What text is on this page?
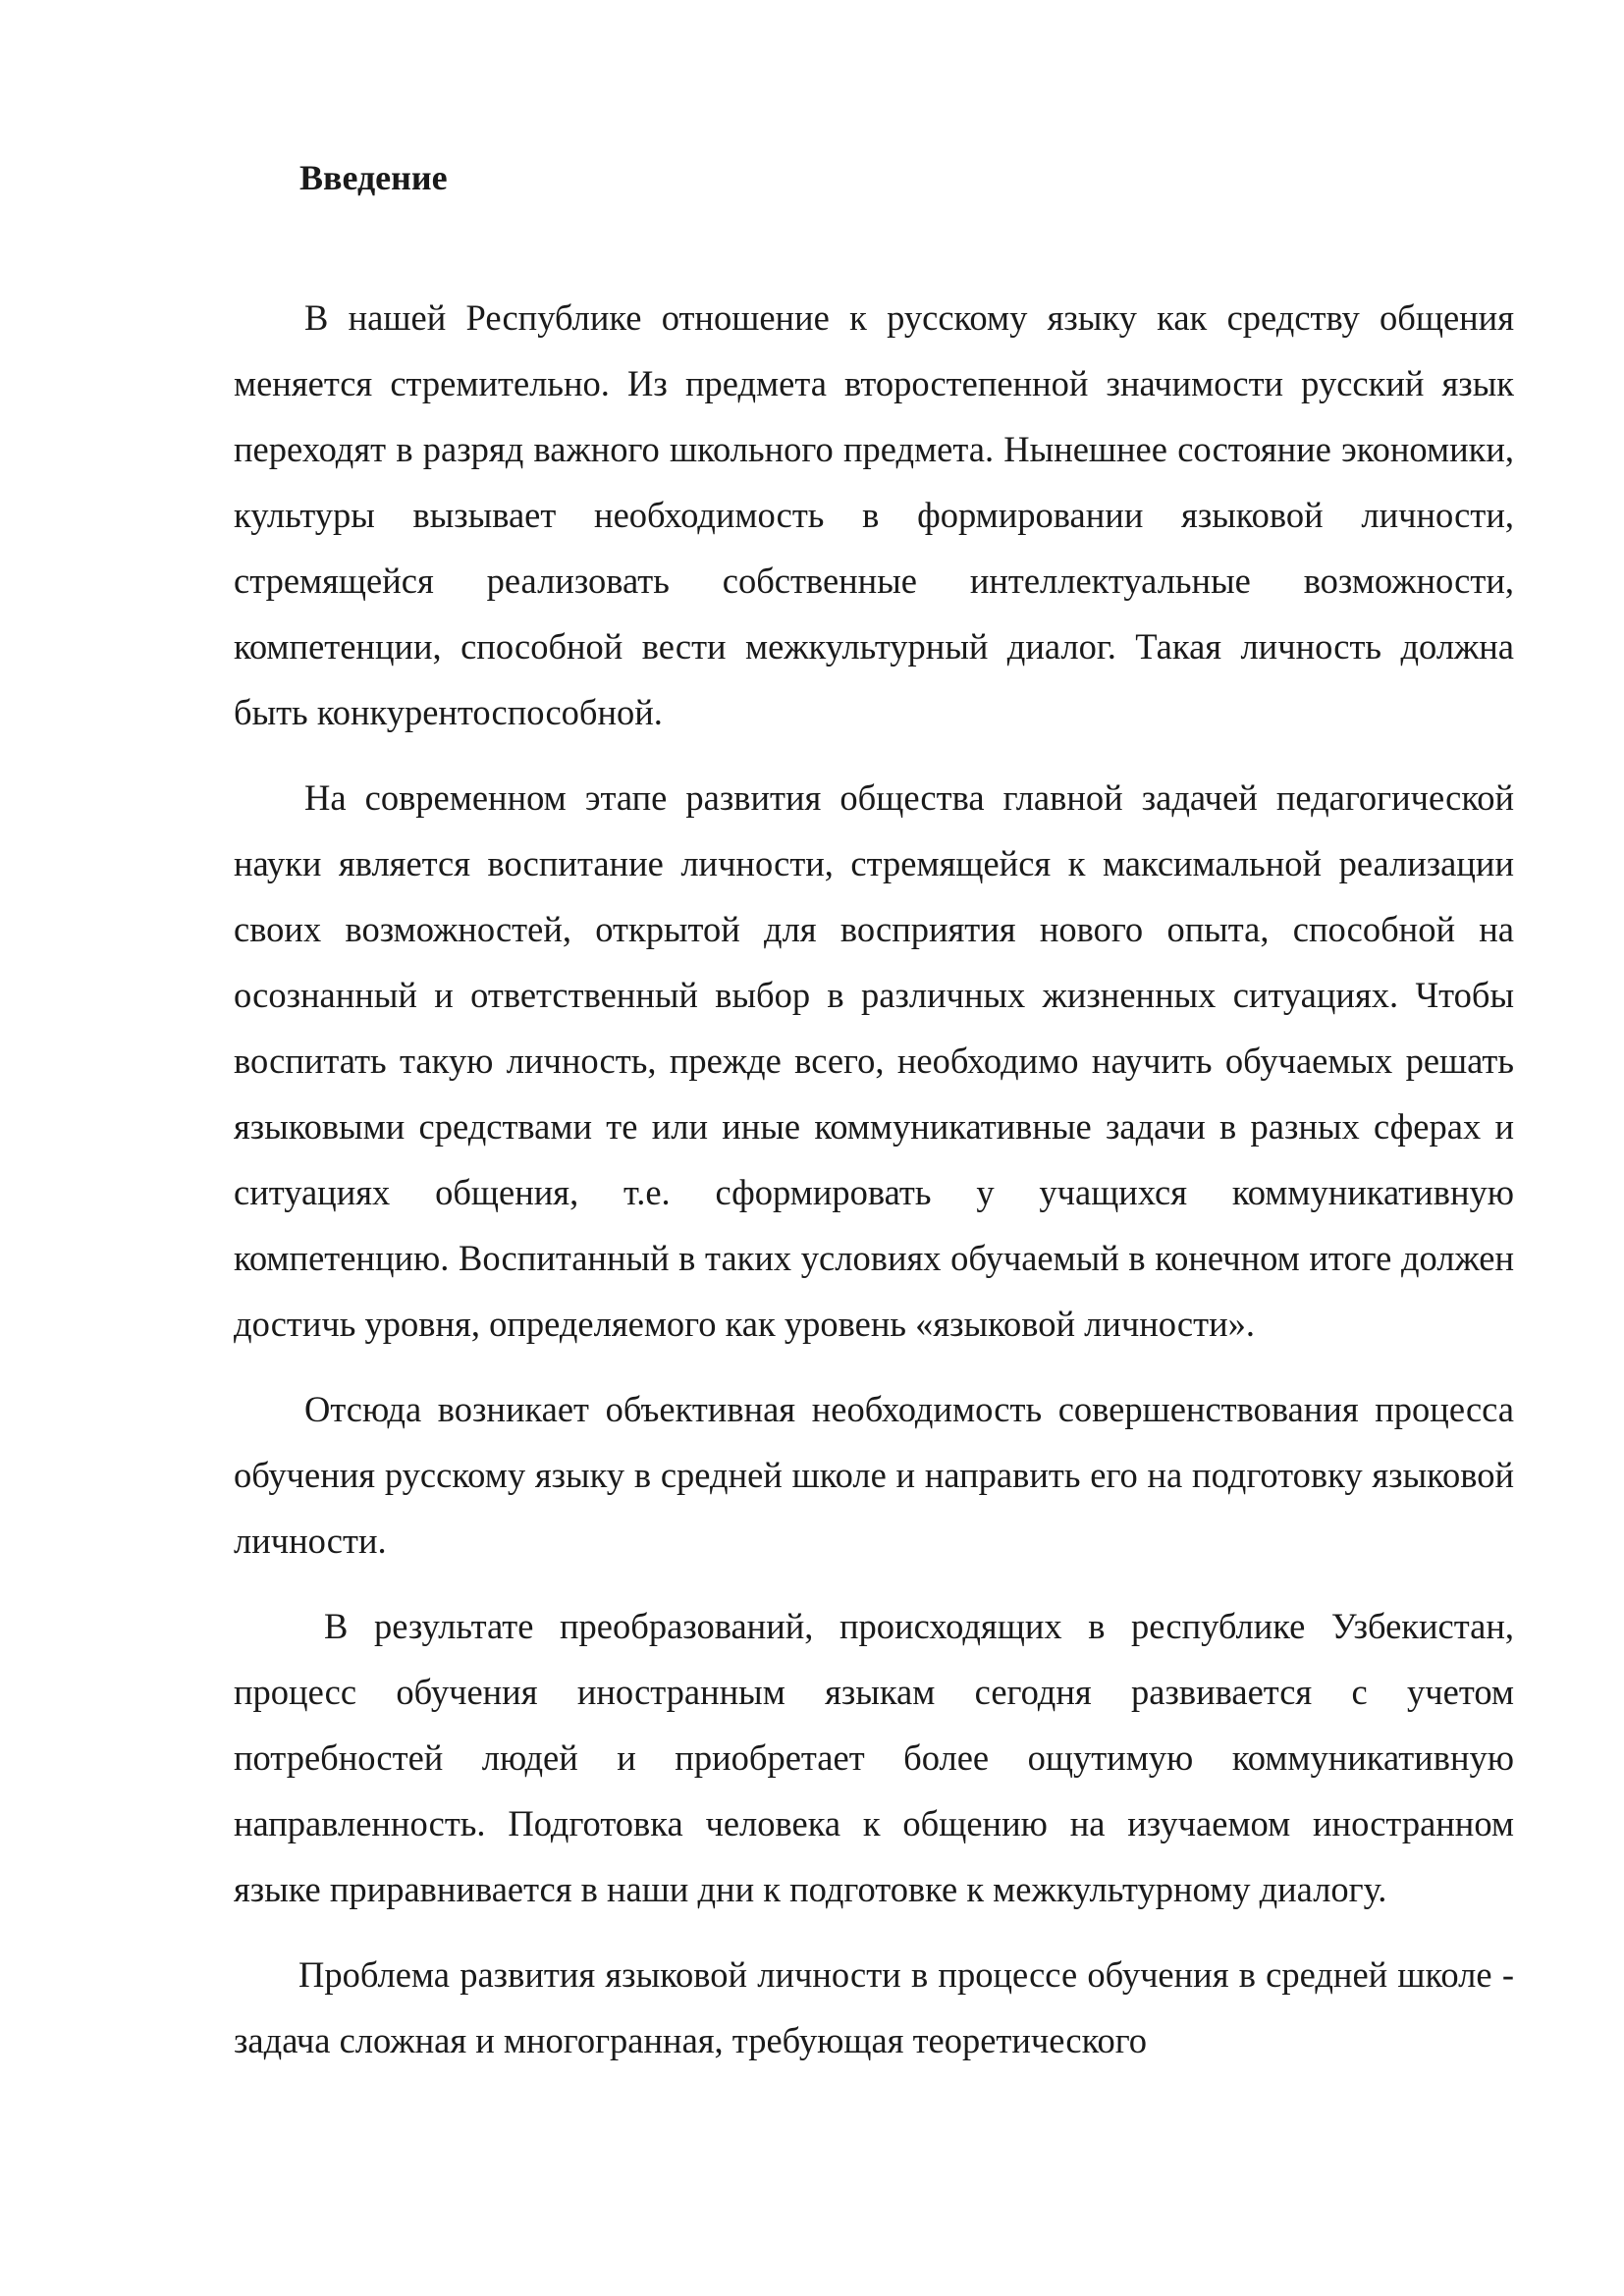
Введение

В нашей Республике отношение к русскому языку как средству общения меняется стремительно. Из предмета второстепенной значимости русский язык переходят в разряд важного школьного предмета. Нынешнее состояние экономики, культуры вызывает необходимость в формировании языковой личности, стремящейся реализовать собственные интеллектуальные возможности, компетенции, способной вести межкультурный диалог. Такая личность должна быть конкурентоспособной.

На современном этапе развития общества главной задачей педагогической науки является воспитание личности, стремящейся к максимальной реализации своих возможностей, открытой для восприятия нового опыта, способной на осознанный и ответственный выбор в различных жизненных ситуациях. Чтобы воспитать такую личность, прежде всего, необходимо научить обучаемых решать языковыми средствами те или иные коммуникативные задачи в разных сферах и ситуациях общения, т.е. сформировать у учащихся коммуникативную компетенцию. Воспитанный в таких условиях обучаемый в конечном итоге должен достичь уровня, определяемого как уровень «языковой личности».

Отсюда возникает объективная необходимость совершенствования процесса обучения русскому языку в средней школе и направить его на подготовку языковой личности.

В результате преобразований, происходящих в республике Узбекистан, процесс обучения иностранным языкам сегодня развивается с учетом потребностей людей и приобретает более ощутимую коммуникативную направленность. Подготовка человека к общению на изучаемом иностранном языке приравнивается в наши дни к подготовке к межкультурному диалогу.

Проблема развития языковой личности в процессе обучения в средней школе - задача сложная и многогранная, требующая теоретического
